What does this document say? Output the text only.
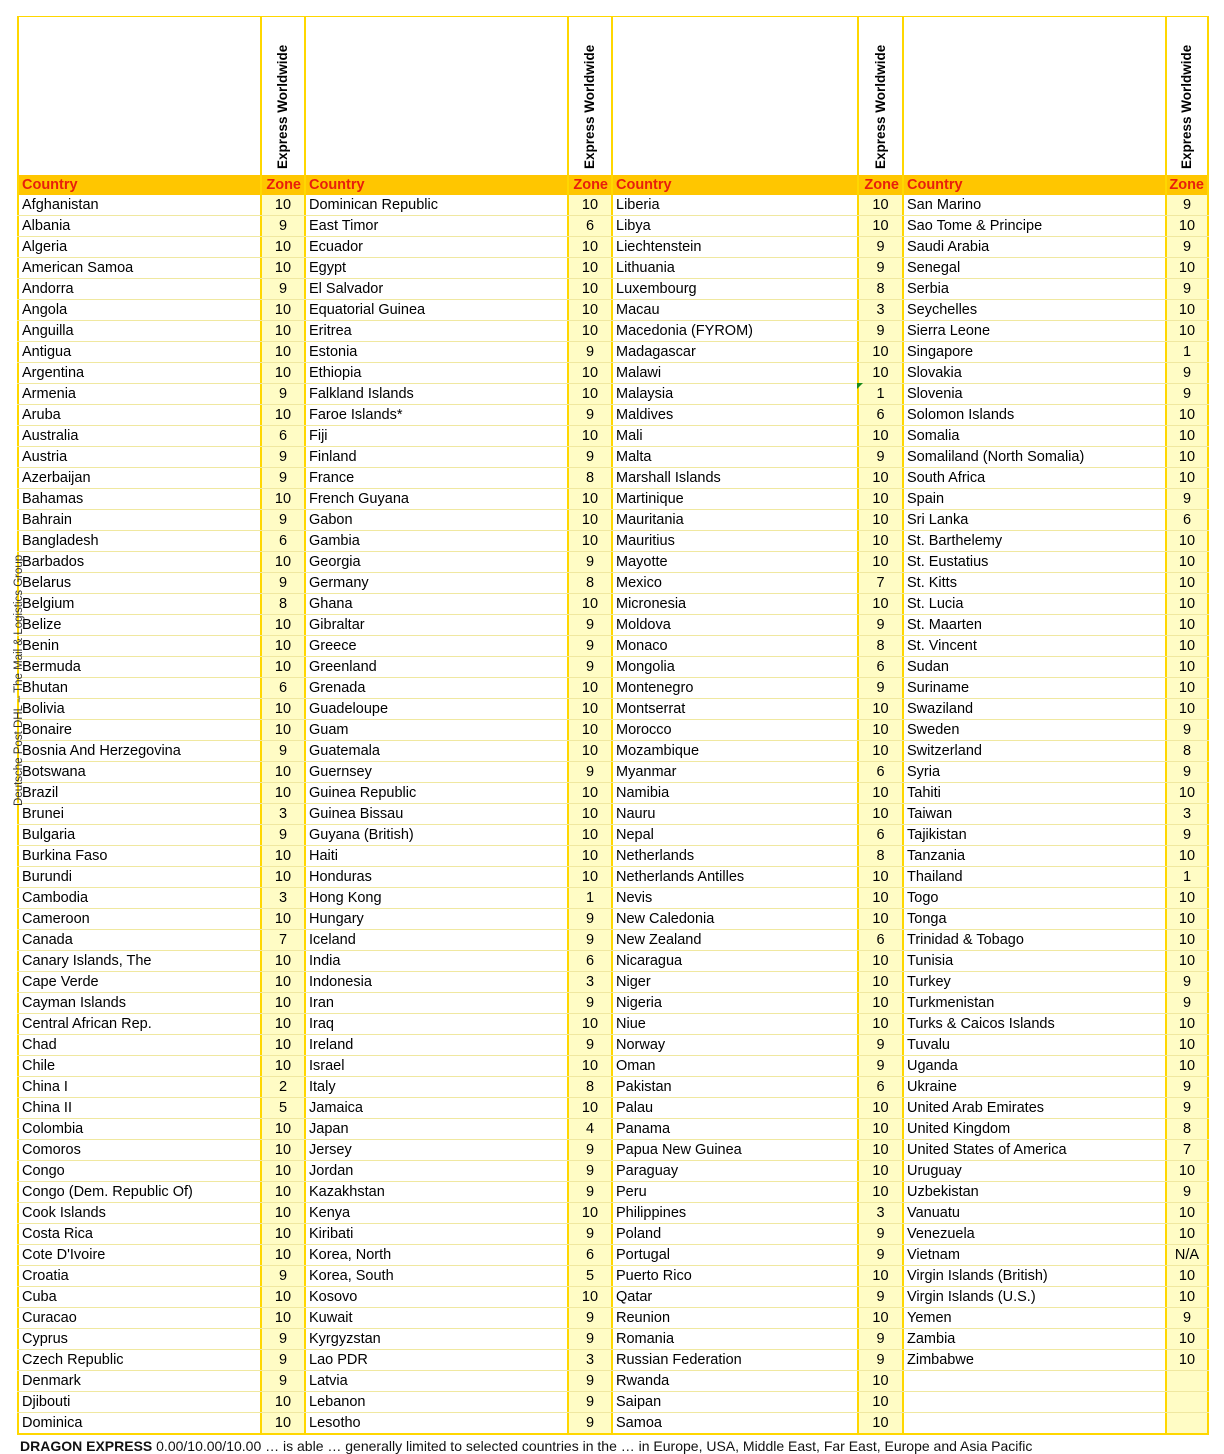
Express Worldwide	Express Worldwide	Express Worldwide	Express Worldwide
Country	Zone Country	Zone Country	Zone Country	Zone
Afghanistan	10	Dominican Republic	10	Liberia	10	San Marino	9
Albania	9	East Timor	6	Libya	10	Sao Tome & Principe	10
Algeria	10	Ecuador	10	Liechtenstein	9	Saudi Arabia	9
American Samoa	10	Egypt	10	Lithuania	9	Senegal	10
Andorra	9	El Salvador	10	Luxembourg	8	Serbia	9
Angola	10	Equatorial Guinea	10	Macau	3	Seychelles	10
Anguilla	10	Eritrea	10	Macedonia (FYROM)	9	Sierra Leone	10
Antigua	10	Estonia	9	Madagascar	10	Singapore	1
Argentina	10	Ethiopia	10	Malawi	10	Slovakia	9
Armenia	9	Falkland Islands	10	Malaysia	1	Slovenia	9
Aruba	10	Faroe Islands*	9	Maldives	6	Solomon Islands	10
Australia	6	Fiji	10	Mali	10	Somalia	10
Austria	9	Finland	9	Malta	9	Somaliland (North Somalia)	10
Azerbaijan	9	France	8	Marshall Islands	10	South Africa	10
Bahamas	10	French Guyana	10	Martinique	10	Spain	9
Bahrain	9	Gabon	10	Mauritania	10	Sri Lanka	6
Bangladesh	6	Gambia	10	Mauritius	10	St. Barthelemy	10
Barbados	10	Georgia	9	Mayotte	10	St. Eustatius	10
Belarus	9	Germany	8	Mexico	7	St. Kitts	10
Belgium	8	Ghana	10	Micronesia	10	St. Lucia	10
Belize	10	Gibraltar	9	Moldova	9	St. Maarten	10
Benin	10	Greece	9	Monaco	8	St. Vincent	10
Bermuda	10	Greenland	9	Mongolia	6	Sudan	10
Bhutan	6	Grenada	10	Montenegro	9	Suriname	10
Bolivia	10	Guadeloupe	10	Montserrat	10	Swaziland	10
Bonaire	10	Guam	10	Morocco	10	Sweden	9
Bosnia And Herzegovina	9	Guatemala	10	Mozambique	10	Switzerland	8
Botswana	10	Guernsey	9	Myanmar	6	Syria	9
Brazil	10	Guinea Republic	10	Namibia	10	Tahiti	10
Brunei	3	Guinea Bissau	10	Nauru	10	Taiwan	3
Bulgaria	9	Guyana (British)	10	Nepal	6	Tajikistan	9
Burkina Faso	10	Haiti	10	Netherlands	8	Tanzania	10
Burundi	10	Honduras	10	Netherlands Antilles	10	Thailand	1
Cambodia	3	Hong Kong	1	Nevis	10	Togo	10
Cameroon	10	Hungary	9	New Caledonia	10	Tonga	10
Canada	7	Iceland	9	New Zealand	6	Trinidad & Tobago	10
Canary Islands, The	10	India	6	Nicaragua	10	Tunisia	10
Cape Verde	10	Indonesia	3	Niger	10	Turkey	9
Cayman Islands	10	Iran	9	Nigeria	10	Turkmenistan	9
Central African Rep.	10	Iraq	10	Niue	10	Turks & Caicos Islands	10
Chad	10	Ireland	9	Norway	9	Tuvalu	10
Chile	10	Israel	10	Oman	9	Uganda	10
China I	2	Italy	8	Pakistan	6	Ukraine	9
China II	5	Jamaica	10	Palau	10	United Arab Emirates	9
Colombia	10	Japan	4	Panama	10	United Kingdom	8
Comoros	10	Jersey	9	Papua New Guinea	10	United States of America	7
Congo	10	Jordan	9	Paraguay	10	Uruguay	10
Congo (Dem. Republic Of)	10	Kazakhstan	9	Peru	10	Uzbekistan	9
Cook Islands	10	Kenya	10	Philippines	3	Vanuatu	10
Costa Rica	10	Kiribati	9	Poland	9	Venezuela	10
Cote D'Ivoire	10	Korea, North	6	Portugal	9	Vietnam	N/A
Croatia	9	Korea, South	5	Puerto Rico	10	Virgin Islands (British)	10
Cuba	10	Kosovo	10	Qatar	9	Virgin Islands (U.S.)	10
Curacao	10	Kuwait	9	Reunion	10	Yemen	9
Cyprus	9	Kyrgyzstan	9	Romania	9	Zambia	10
Czech Republic	9	Lao PDR	3	Russian Federation	9	Zimbabwe	10
Denmark	9	Latvia	9	Rwanda	10
Djibouti	10	Lebanon	9	Saipan	10
Dominica	10	Lesotho	9	Samoa	10
Deutsche Post DHL – The Mail & Logistics Group
DRAGON EXPRESS 0.00/10.00/10.00 … is able … generally limited to selected countries in the … in Europe, USA, Middle East, Far East, Europe and Asia Pacific
